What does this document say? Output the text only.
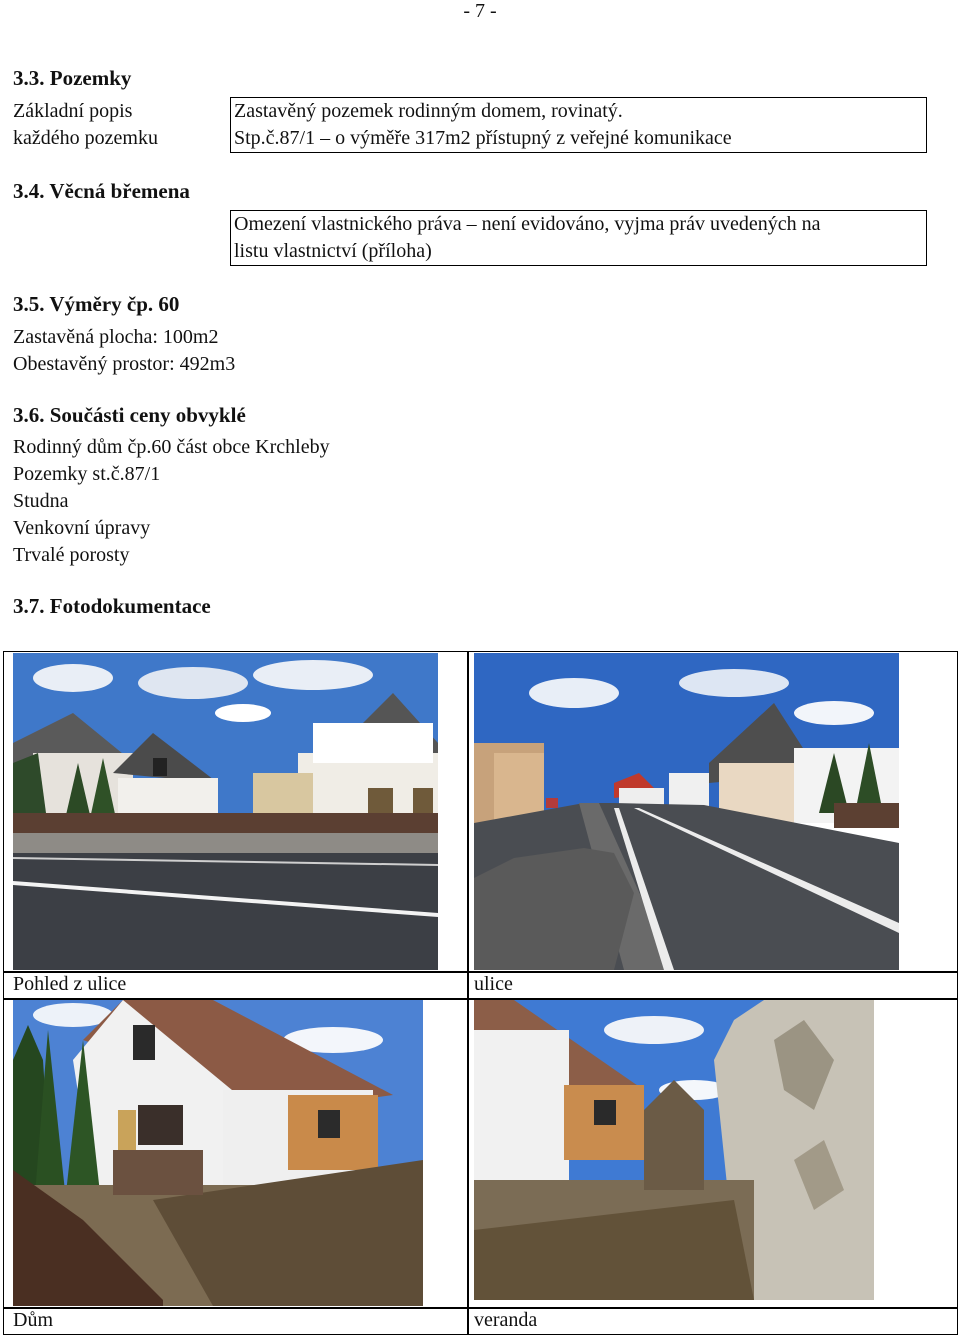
- 7 -
3.3. Pozemky
Základní popis
každého pozemku
Zastavěný pozemek rodinným domem, rovinatý.
Stp.č.87/1 – o výměře 317m2 přístupný z veřejné komunikace
3.4. Věcná břemena
Omezení vlastnického práva – není evidováno, vyjma práv uvedených na
listu vlastnictví (příloha)
3.5. Výměry čp. 60
Zastavěná plocha: 100m2
Obestavěný prostor: 492m3
3.6. Součásti ceny obvyklé
Rodinný dům čp.60 část obce Krchleby
Pozemky st.č.87/1
Studna
Venkovní úpravy
Trvalé porosty
3.7. Fotodokumentace
Pohled z ulice	ulice
Dům	veranda
